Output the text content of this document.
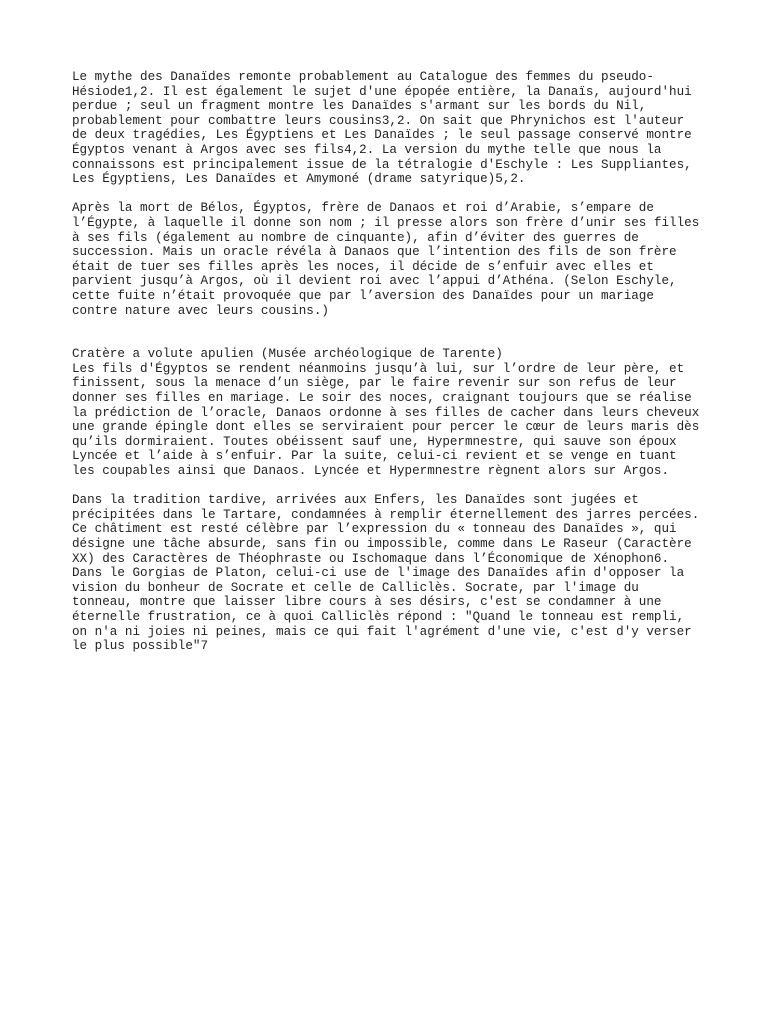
Le mythe des Danaïdes remonte probablement au Catalogue des femmes du pseudo-
Hésiode1,2. Il est également le sujet d'une épopée entière, la Danaïs, aujourd'hui
perdue ; seul un fragment montre les Danaïdes s'armant sur les bords du Nil,
probablement pour combattre leurs cousins3,2. On sait que Phrynichos est l'auteur
de deux tragédies, Les Égyptiens et Les Danaïdes ; le seul passage conservé montre
Égyptos venant à Argos avec ses fils4,2. La version du mythe telle que nous la
connaissons est principalement issue de la tétralogie d'Eschyle : Les Suppliantes,
Les Égyptiens, Les Danaïdes et Amymoné (drame satyrique)5,2.
Après la mort de Bélos, Égyptos, frère de Danaos et roi d’Arabie, s’empare de
l’Égypte, à laquelle il donne son nom ; il presse alors son frère d’unir ses filles
à ses fils (également au nombre de cinquante), afin d’éviter des guerres de
succession. Mais un oracle révéla à Danaos que l’intention des fils de son frère
était de tuer ses filles après les noces, il décide de s’enfuir avec elles et
parvient jusqu’à Argos, où il devient roi avec l’appui d’Athéna. (Selon Eschyle,
cette fuite n’était provoquée que par l’aversion des Danaïdes pour un mariage
contre nature avec leurs cousins.)
Cratère a volute apulien (Musée archéologique de Tarente)
Les fils d'Égyptos se rendent néanmoins jusqu’à lui, sur l’ordre de leur père, et
finissent, sous la menace d’un siège, par le faire revenir sur son refus de leur
donner ses filles en mariage. Le soir des noces, craignant toujours que se réalise
la prédiction de l’oracle, Danaos ordonne à ses filles de cacher dans leurs cheveux
une grande épingle dont elles se serviraient pour percer le cœur de leurs maris dès
qu’ils dormiraient. Toutes obéissent sauf une, Hypermnestre, qui sauve son époux
Lyncée et l’aide à s’enfuir. Par la suite, celui-ci revient et se venge en tuant
les coupables ainsi que Danaos. Lyncée et Hypermnestre règnent alors sur Argos.
Dans la tradition tardive, arrivées aux Enfers, les Danaïdes sont jugées et
précipitées dans le Tartare, condamnées à remplir éternellement des jarres percées.
Ce châtiment est resté célèbre par l’expression du « tonneau des Danaïdes », qui
désigne une tâche absurde, sans fin ou impossible, comme dans Le Raseur (Caractère
XX) des Caractères de Théophraste ou Ischomaque dans l’Économique de Xénophon6.
Dans le Gorgias de Platon, celui-ci use de l'image des Danaïdes afin d'opposer la
vision du bonheur de Socrate et celle de Calliclès. Socrate, par l'image du
tonneau, montre que laisser libre cours à ses désirs, c'est se condamner à une
éternelle frustration, ce à quoi Calliclès répond : "Quand le tonneau est rempli,
on n'a ni joies ni peines, mais ce qui fait l'agrément d'une vie, c'est d'y verser
le plus possible"7
